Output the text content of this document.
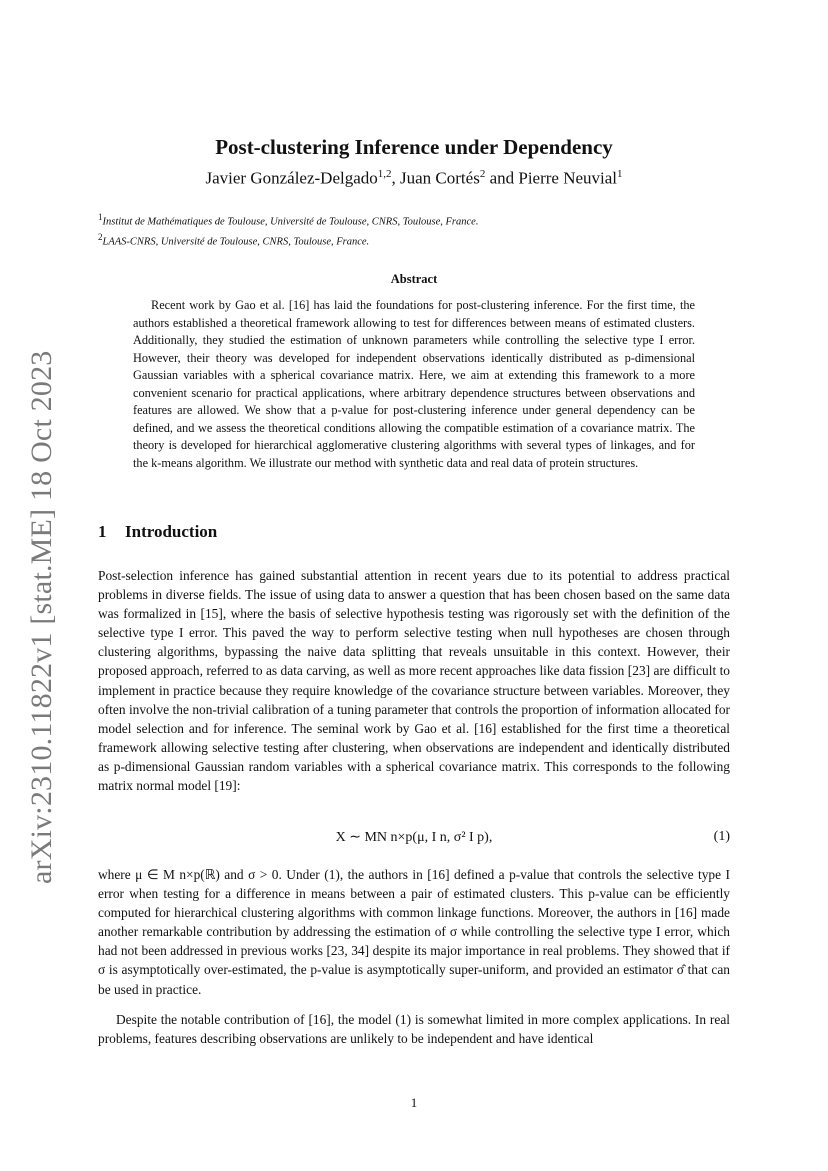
arXiv:2310.11822v1 [stat.ME] 18 Oct 2023
Post-clustering Inference under Dependency
Javier González-Delgado$^{1,2}$, Juan Cortés$^2$ and Pierre Neuvial$^1$
$^1$Institut de Mathématiques de Toulouse, Université de Toulouse, CNRS, Toulouse, France.
$^2$LAAS-CNRS, Université de Toulouse, CNRS, Toulouse, France.
Abstract

Recent work by Gao et al. [16] has laid the foundations for post-clustering inference. For the first time, the authors established a theoretical framework allowing to test for differences between means of estimated clusters. Additionally, they studied the estimation of unknown parameters while controlling the selective type I error. However, their theory was developed for independent observations identically distributed as p-dimensional Gaussian variables with a spherical covariance matrix. Here, we aim at extending this framework to a more convenient scenario for practical applications, where arbitrary dependence structures between observations and features are allowed. We show that a p-value for post-clustering inference under general dependency can be defined, and we assess the theoretical conditions allowing the compatible estimation of a covariance matrix. The theory is developed for hierarchical agglomerative clustering algorithms with several types of linkages, and for the k-means algorithm. We illustrate our method with synthetic data and real data of protein structures.

1 Introduction

Post-selection inference has gained substantial attention in recent years due to its potential to address practical problems in diverse fields. The issue of using data to answer a question that has been chosen based on the same data was formalized in [15], where the basis of selective hypothesis testing was rigorously set with the definition of the selective type I error. This paved the way to perform selective testing when null hypotheses are chosen through clustering algorithms, bypassing the naive data splitting that reveals unsuitable in this context. However, their proposed approach, referred to as data carving, as well as more recent approaches like data fission [23] are difficult to implement in practice because they require knowledge of the covariance structure between variables. Moreover, they often involve the non-trivial calibration of a tuning parameter that controls the proportion of information allocated for model selection and for inference. The seminal work by Gao et al. [16] established for the first time a theoretical framework allowing selective testing after clustering, when observations are independent and identically distributed as p-dimensional Gaussian random variables with a spherical covariance matrix. This corresponds to the following matrix normal model [19]:

X ∼ MN n×p(μ, I n, σ² I p),	(1)

where μ ∈ M n×p(ℝ) and σ > 0. Under (1), the authors in [16] defined a p-value that controls the selective type I error when testing for a difference in means between a pair of estimated clusters. This p-value can be efficiently computed for hierarchical clustering algorithms with common linkage functions. Moreover, the authors in [16] made another remarkable contribution by addressing the estimation of σ while controlling the selective type I error, which had not been addressed in previous works [23, 34] despite its major importance in real problems. They showed that if σ is asymptotically over-estimated, the p-value is asymptotically super-uniform, and provided an estimator σ̂ that can be used in practice.

Despite the notable contribution of [16], the model (1) is somewhat limited in more complex applications. In real problems, features describing observations are unlikely to be independent and have identical

1
